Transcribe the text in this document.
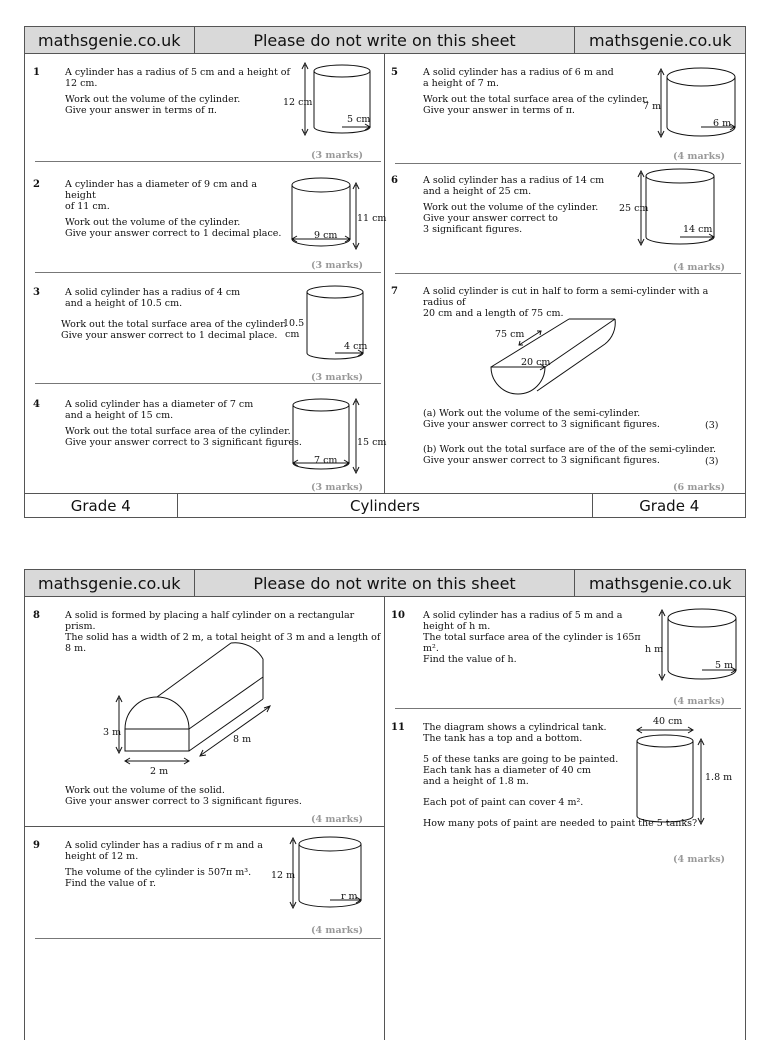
mathsgenie.co.uk	Please do not write on this sheet	mathsgenie.co.uk
1	A cylinder has a radius of 5 cm and a height of 12 cm.

Work out the volume of the cylinder.

Give your answer in terms of π.

12 cm
5 cm
(3 marks)
2	A cylinder has a diameter of 9 cm and a height

of 11 cm.

Work out the volume of the cylinder.

Give your answer correct to 1 decimal place.	9 cm
11 cm
(3 marks)
3	A solid cylinder has a radius of 4 cm

and a height of 10.5 cm.

Work out the total surface area of the cylinder.

Give your answer correct to 1 decimal place.

10.5
cm
4 cm
(3 marks)
4	A solid cylinder has a diameter of 7 cm

and a height of 15 cm.

Work out the total surface area of the cylinder.

Give your answer correct to 3 significant figures.

7 cm
15 cm
(3 marks)
5	A solid cylinder has a radius of 6 m and

a height of 7 m.

Work out the total surface area of the cylinder.

Give your answer in terms of π.	7 m
6 m
(4 marks)
6	A solid cylinder has a radius of 14 cm

and a height of 25 cm.

Work out the volume of the cylinder.

Give your answer correct to

3 significant figures.

25 cm
14 cm
(4 marks)
7	A solid cylinder is cut in half to form a semi-cylinder with a radius of

20 cm and a length of 75 cm.

75 cm
20 cm

(a) Work out the volume of the semi-cylinder.

Give your answer correct to 3 significant figures.	(3)

(b) Work out the total surface are of the of the semi-cylinder.

Give your answer correct to 3 significant figures.	(3)
(6 marks)
Grade 4	Cylinders	Grade 4
mathsgenie.co.uk	Please do not write on this sheet	mathsgenie.co.uk
8	A solid is formed by placing a half cylinder on a rectangular prism.

The solid has a width of 2 m, a total height of 3 m and a length of 8 m.

3 m
8 m
2 m

Work out the volume of the solid.

Give your answer correct to 3 significant figures.

(4 marks)
9	A solid cylinder has a radius of r m and a

height of 12 m.

The volume of the cylinder is 507π m³.

Find the value of r.

12 m
r m
(4 marks)
10 A solid cylinder has a radius of 5 m and a

height of h m.

The total surface area of the cylinder is 165π m².

Find the value of h.

h m
5 m
(4 marks)
11 The diagram shows a cylindrical tank.

The tank has a top and a bottom.

5 of these tanks are going to be painted.

Each tank has a diameter of 40 cm

and a height of 1.8 m.

Each pot of paint can cover 4 m².

How many pots of paint are needed to paint the 5 tanks?

40 cm
1.8 m
(4 marks)
